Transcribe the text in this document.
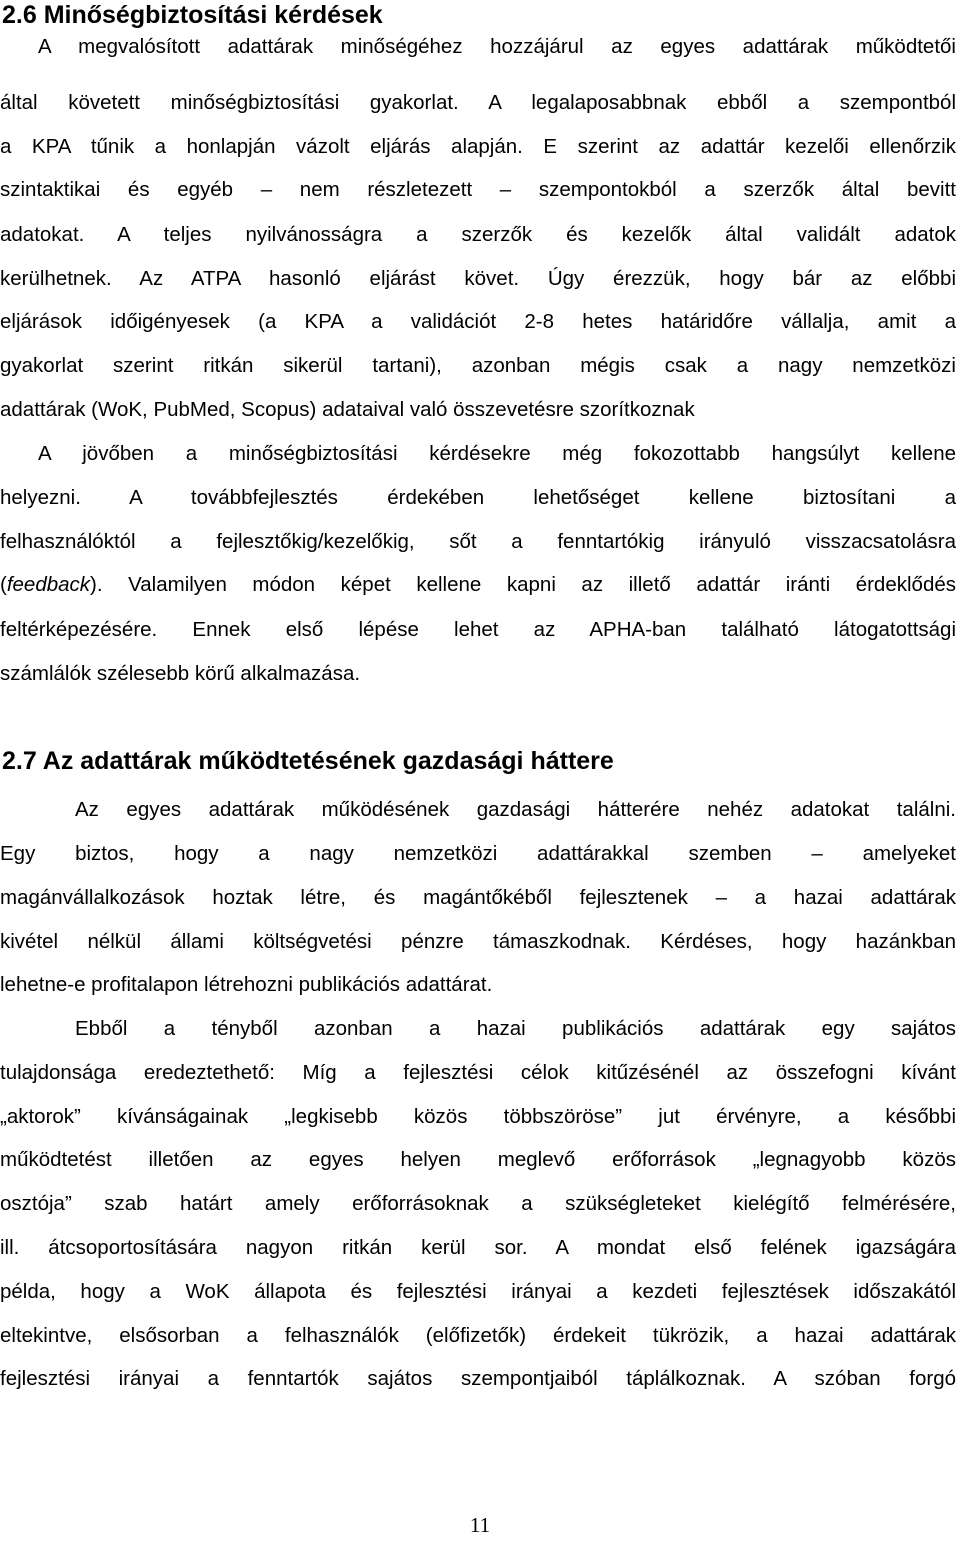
2.6 Minőségbiztosítási kérdések
A megvalósított adattárak minőségéhez hozzájárul az egyes adattárak működtetői
által követett minőségbiztosítási gyakorlat. A legalaposabbnak ebből a szempontból
a KPA tűnik a honlapján vázolt eljárás alapján. E szerint az adattár kezelői ellenőrzik
szintaktikai és egyéb – nem részletezett – szempontokból a szerzők által bevitt
adatokat. A teljes nyilvánosságra a szerzők és kezelők által validált adatok
kerülhetnek. Az ATPA hasonló eljárást követ. Úgy érezzük, hogy bár az előbbi
eljárások időigényesek (a KPA a validációt 2-8 hetes határidőre vállalja, amit a
gyakorlat szerint ritkán sikerül tartani), azonban mégis csak a nagy nemzetközi
adattárak (WoK, PubMed, Scopus) adataival való összevetésre szorítkoznak
A jövőben a minőségbiztosítási kérdésekre még fokozottabb hangsúlyt kellene
helyezni. A továbbfejlesztés érdekében lehetőséget kellene biztosítani a
felhasználóktól a fejlesztőkig/kezelőkig, sőt a fenntartókig irányuló visszacsatolásra
(feedback). Valamilyen módon képet kellene kapni az illető adattár iránti érdeklődés
feltérképezésére. Ennek első lépése lehet az APHA-ban található látogatottsági
számlálók szélesebb körű alkalmazása.
2.7 Az adattárak működtetésének gazdasági háttere
Az egyes adattárak működésének gazdasági hátterére nehéz adatokat találni.
Egy biztos, hogy a nagy nemzetközi adattárakkal szemben – amelyeket
magánvállalkozások hoztak létre, és magántőkéből fejlesztenek – a hazai adattárak
kivétel nélkül állami költségvetési pénzre támaszkodnak. Kérdéses, hogy hazánkban
lehetne-e profitalapon létrehozni publikációs adattárat.
Ebből a tényből azonban a hazai publikációs adattárak egy sajátos
tulajdonsága eredeztethető: Míg a fejlesztési célok kitűzésénél az összefogni kívánt
„aktorok” kívánságainak „legkisebb közös többszöröse” jut érvényre, a későbbi
működtetést illetően az egyes helyen meglevő erőforrások „legnagyobb közös
osztója” szab határt amely erőforrásoknak a szükségleteket kielégítő felmérésére,
ill. átcsoportosítására nagyon ritkán kerül sor. A mondat első felének igazságára
példa, hogy a WoK állapota és fejlesztési irányai a kezdeti fejlesztések időszakától
eltekintve, elsősorban a felhasználók (előfizetők) érdekeit tükrözik, a hazai adattárak
fejlesztési irányai a fenntartók sajátos szempontjaiból táplálkoznak. A szóban forgó
11
